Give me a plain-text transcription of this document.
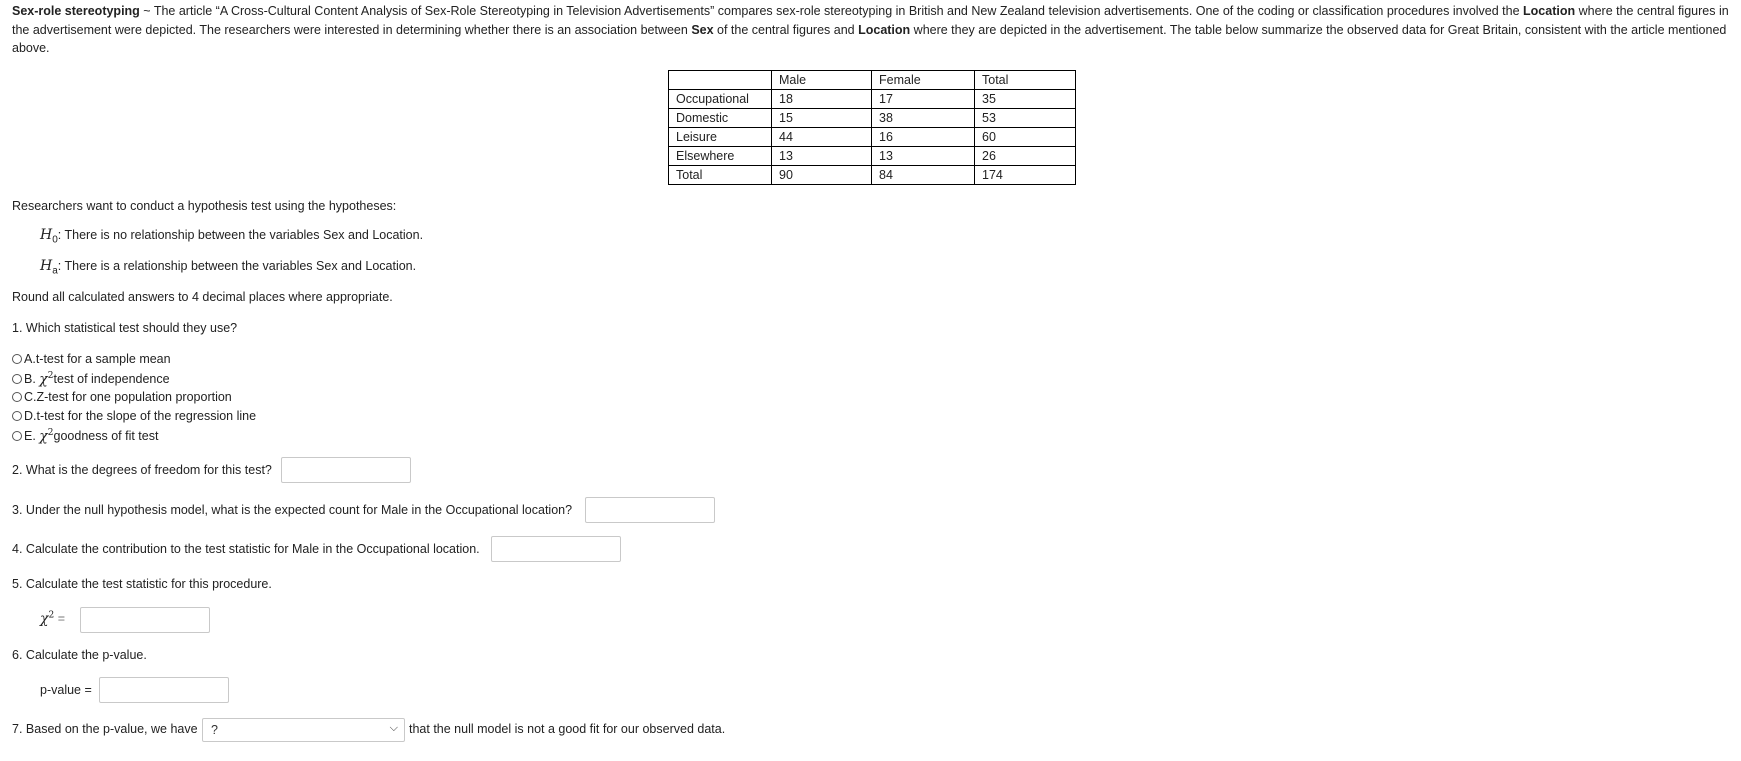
Sex-role stereotyping ~ The article “A Cross-Cultural Content Analysis of Sex-Role Stereotyping in Television Advertisements” compares sex-role stereotyping in British and New Zealand television advertisements. One of the coding or classification procedures involved the Location where the central figures in the advertisement were depicted. The researchers were interested in determining whether there is an association between Sex of the central figures and Location where they are depicted in the advertisement. The table below summarize the observed data for Great Britain, consistent with the article mentioned above.
	Male	Female	Total
Occupational	18	17	35
Domestic	15	38	53
Leisure	44	16	60
Elsewhere	13	13	26
Total	90	84	174
Researchers want to conduct a hypothesis test using the hypotheses:
$H_0$: There is no relationship between the variables Sex and Location.
$H_a$: There is a relationship between the variables Sex and Location.
Round all calculated answers to 4 decimal places where appropriate.
1. Which statistical test should they use?
A. t-test for a sample mean
B.
$\chi^2$ test of independence
C. Z-test for one population proportion
D. t-test for the slope of the regression line
E.
$\chi^2$ goodness of fit test
2. What is the degrees of freedom for this test?
3. Under the null hypothesis model, what is the expected count for Male in the Occupational location?
4. Calculate the contribution to the test statistic for Male in the Occupational location.
5. Calculate the test statistic for this procedure.
$\chi^2$ =
6. Calculate the p-value.
p-value =
7. Based on the p-value, we have	?	⌵ that the null model is not a good fit for our observed data.
